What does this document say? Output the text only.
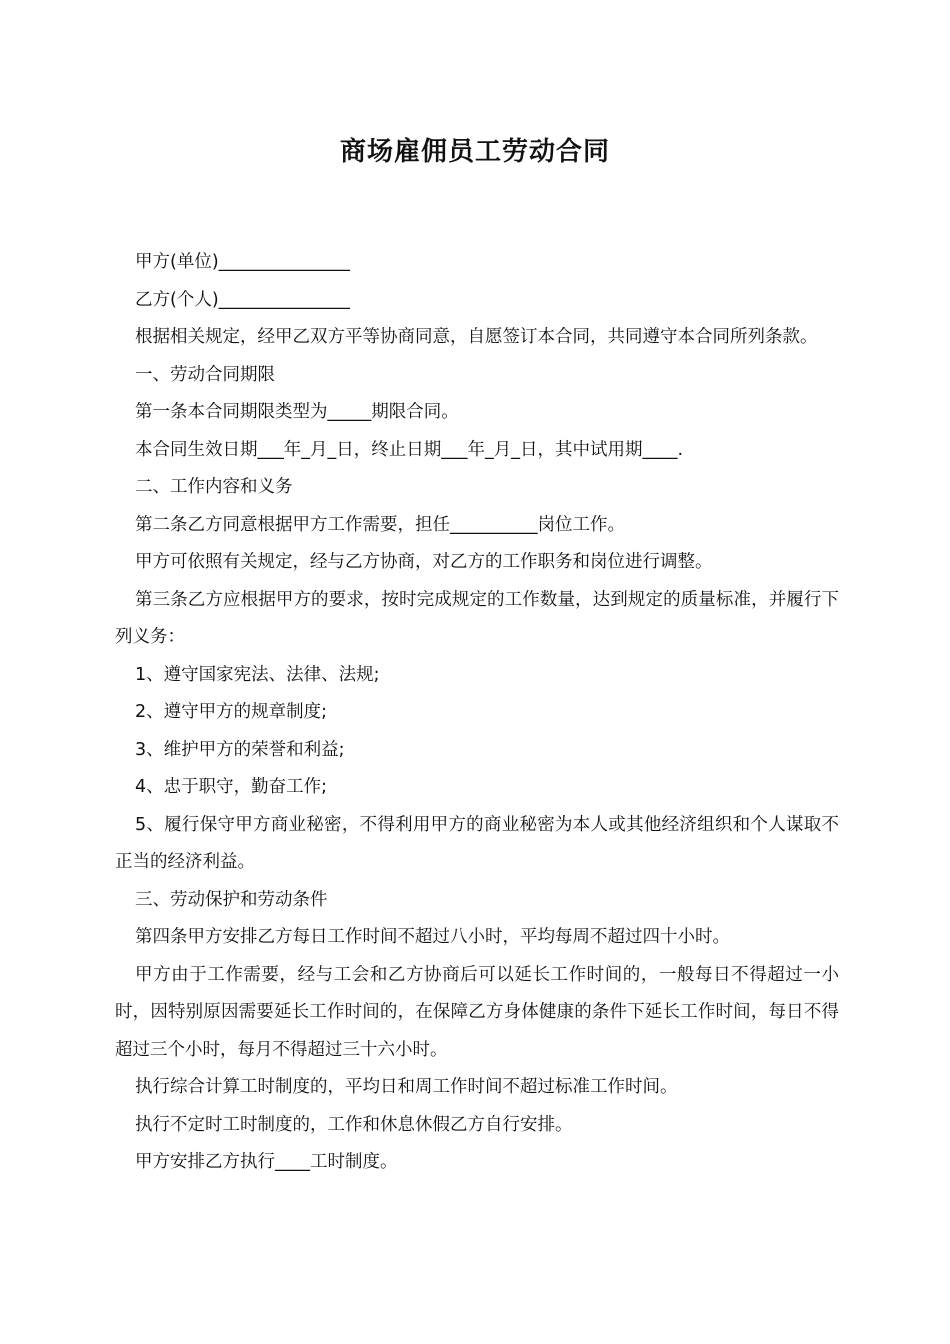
商场雇佣员工劳动合同

甲方(单位)_______________

乙方(个人)_______________

根据相关规定，经甲乙双方平等协商同意，自愿签订本合同，共同遵守本合同所列条款。

一、劳动合同期限

第一条本合同期限类型为_____期限合同。

本合同生效日期___年_月_日，终止日期___年_月_日，其中试用期____.

二、工作内容和义务

第二条乙方同意根据甲方工作需要，担任__________岗位工作。

甲方可依照有关规定，经与乙方协商，对乙方的工作职务和岗位进行调整。

第三条乙方应根据甲方的要求，按时完成规定的工作数量，达到规定的质量标准，并履行下列义务：

1、遵守国家宪法、法律、法规;

2、遵守甲方的规章制度;

3、维护甲方的荣誉和利益;

4、忠于职守，勤奋工作;

5、履行保守甲方商业秘密，不得利用甲方的商业秘密为本人或其他经济组织和个人谋取不正当的经济利益。

三、劳动保护和劳动条件

第四条甲方安排乙方每日工作时间不超过八小时，平均每周不超过四十小时。

甲方由于工作需要，经与工会和乙方协商后可以延长工作时间的，一般每日不得超过一小时，因特别原因需要延长工作时间的，在保障乙方身体健康的条件下延长工作时间，每日不得超过三个小时，每月不得超过三十六小时。

执行综合计算工时制度的，平均日和周工作时间不超过标准工作时间。

执行不定时工时制度的，工作和休息休假乙方自行安排。

甲方安排乙方执行____工时制度。
